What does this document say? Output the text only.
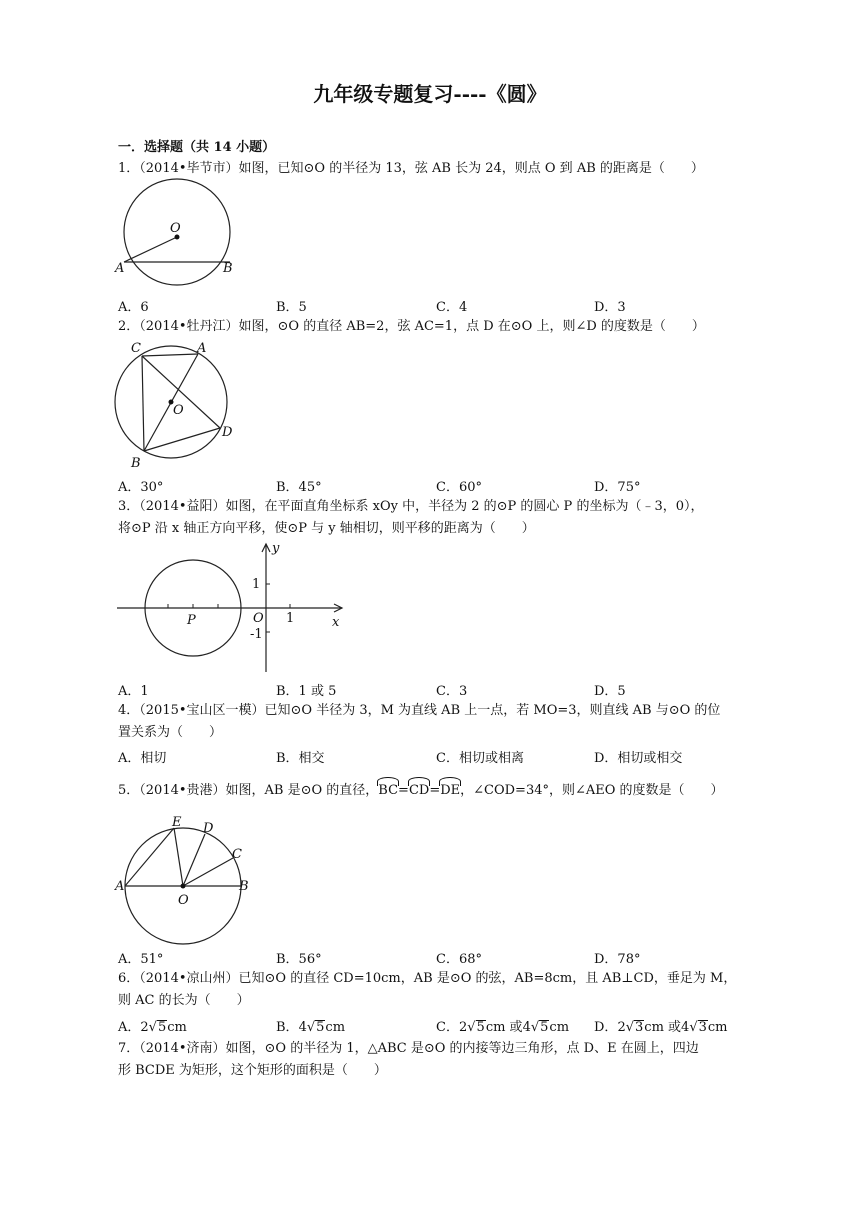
九年级专题复习----《圆》
一．选择题（共 14 小题）
1．（2014•毕节市）如图，已知⊙O 的半径为 13，弦 AB 长为 24，则点 O 到 AB 的距离是（　　）
O
A	B
A．6	B．5	C．4	D．3
2．（2014•牡丹江）如图，⊙O 的直径 AB=2，弦 AC=1，点 D 在⊙O 上，则∠D 的度数是（　　）
C	A
O
D
B
A．30°	B．45°	C．60°	D．75°
3．（2014•益阳）如图，在平面直角坐标系 xOy 中，半径为 2 的⊙P 的圆心 P 的坐标为（﹣3，0），
将⊙P 沿 x 轴正方向平移，使⊙P 与 y 轴相切，则平移的距离为（　　）
y
x
1
-1
O 1
P
A．1	B．1 或 5	C．3	D．5
4．（2015•宝山区一模）已知⊙O 半径为 3，M 为直线 AB 上一点，若 MO=3，则直线 AB 与⊙O 的位
置关系为（　　）
A．相切	B．相交	C．相切或相离	D．相切或相交
5．（2014•贵港）如图，AB 是⊙O 的直径，BC=CD=DE，∠COD=34°，则∠AEO 的度数是（　　）
E D
C
A	B
O
A．51°	B．56°	C．68°	D．78°
6．（2014•凉山州）已知⊙O 的直径 CD=10cm，AB 是⊙O 的弦，AB=8cm，且 AB⊥CD，垂足为 M，
则 AC 的长为（　　）
A．2√5cm	B．4√5cm	C．2√5cm 或4√5cm D．2√3cm 或4√3cm
7．（2014•济南）如图，⊙O 的半径为 1，△ABC 是⊙O 的内接等边三角形，点 D、E 在圆上，四边
形 BCDE 为矩形，这个矩形的面积是（　　）
